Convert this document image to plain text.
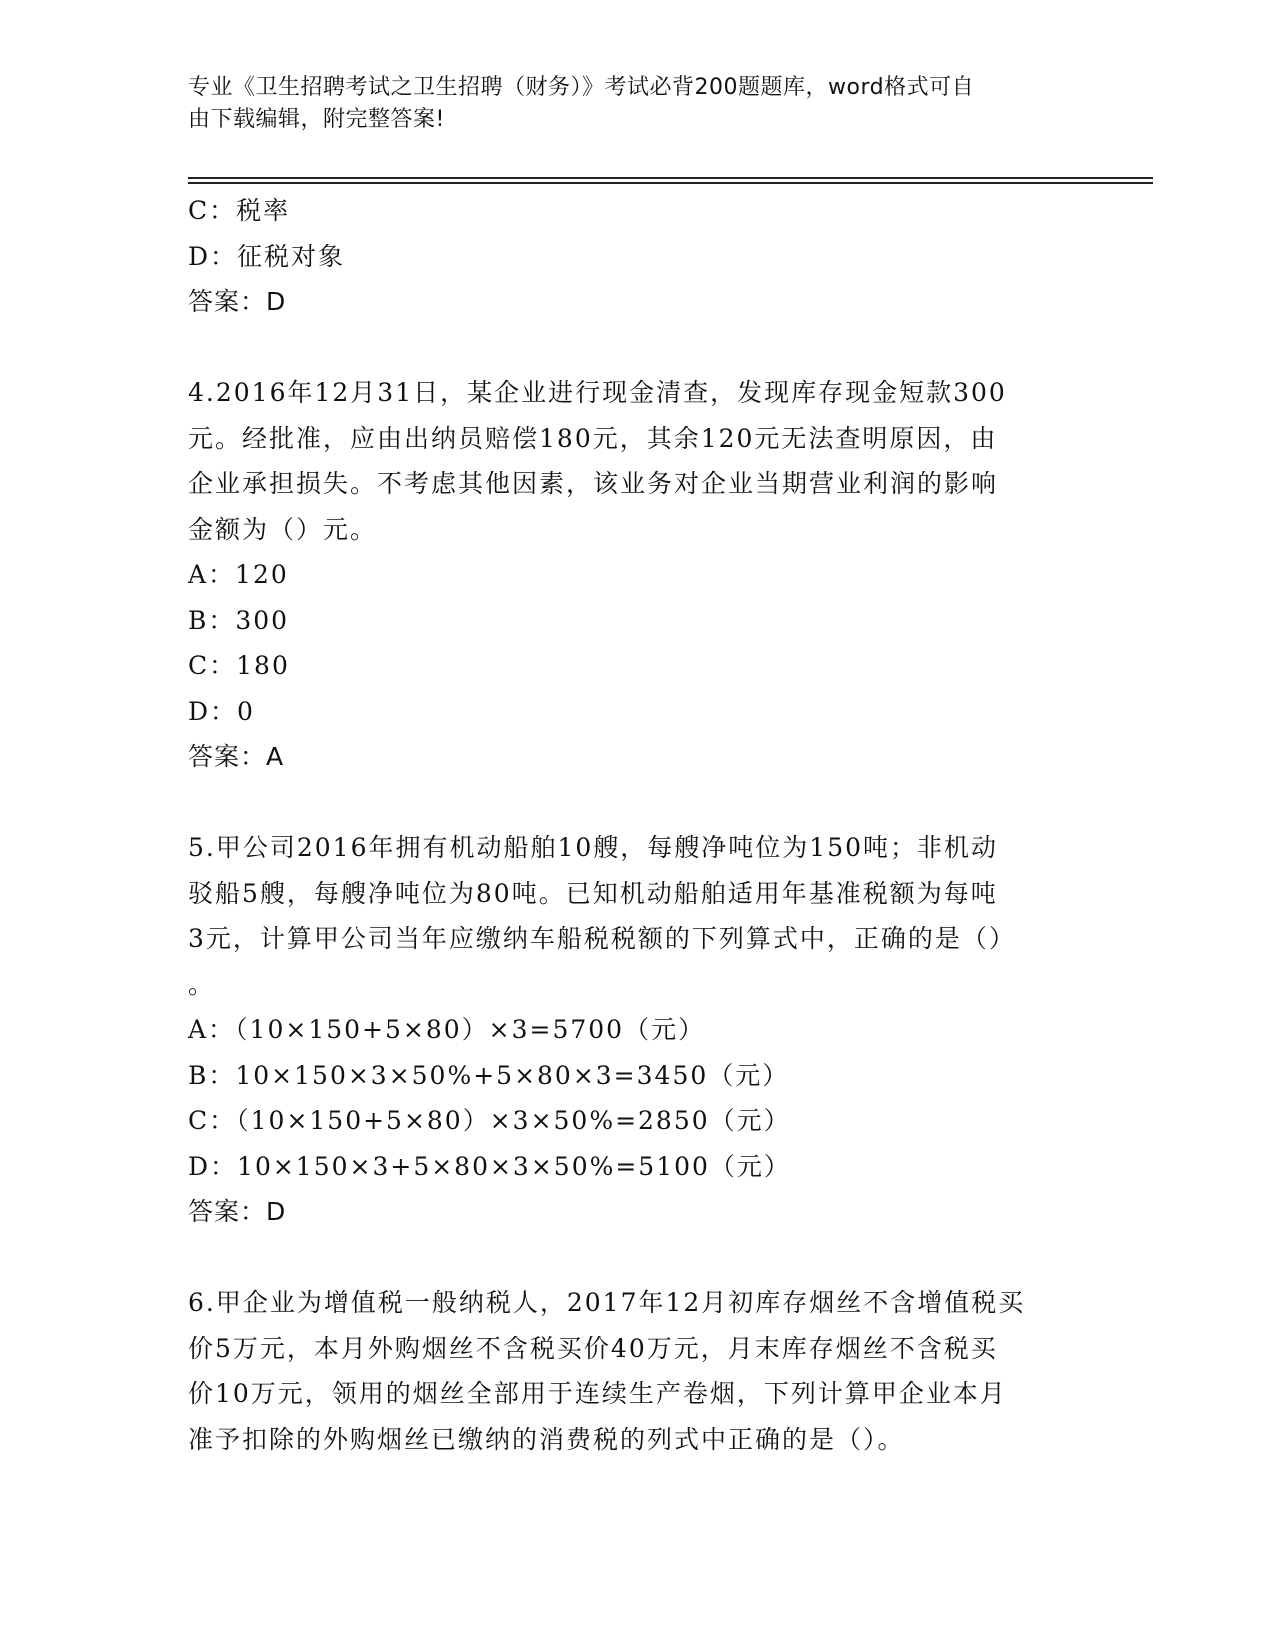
专业《卫生招聘考试之卫生招聘（财务）》考试必背200题题库，word格式可自
由下载编辑，附完整答案!
C：税率
D：征税对象
答案：D
4.2016年12月31日，某企业进行现金清查，发现库存现金短款300
元。经批准，应由出纳员赔偿180元，其余120元无法查明原因，由
企业承担损失。不考虑其他因素，该业务对企业当期营业利润的影响
金额为（）元。
A：120
B：300
C：180
D：0
答案：A
5.甲公司2016年拥有机动船舶10艘，每艘净吨位为150吨；非机动
驳船5艘，每艘净吨位为80吨。已知机动船舶适用年基准税额为每吨
3元，计算甲公司当年应缴纳车船税税额的下列算式中，正确的是（）
。
A：（10×150+5×80）×3=5700（元）
B：10×150×3×50%+5×80×3=3450（元）
C：（10×150+5×80）×3×50%=2850（元）
D：10×150×3+5×80×3×50%=5100（元）
答案：D
6.甲企业为增值税一般纳税人，2017年12月初库存烟丝不含增值税买
价5万元，本月外购烟丝不含税买价40万元，月末库存烟丝不含税买
价10万元，领用的烟丝全部用于连续生产卷烟，下列计算甲企业本月
准予扣除的外购烟丝已缴纳的消费税的列式中正确的是（）。
